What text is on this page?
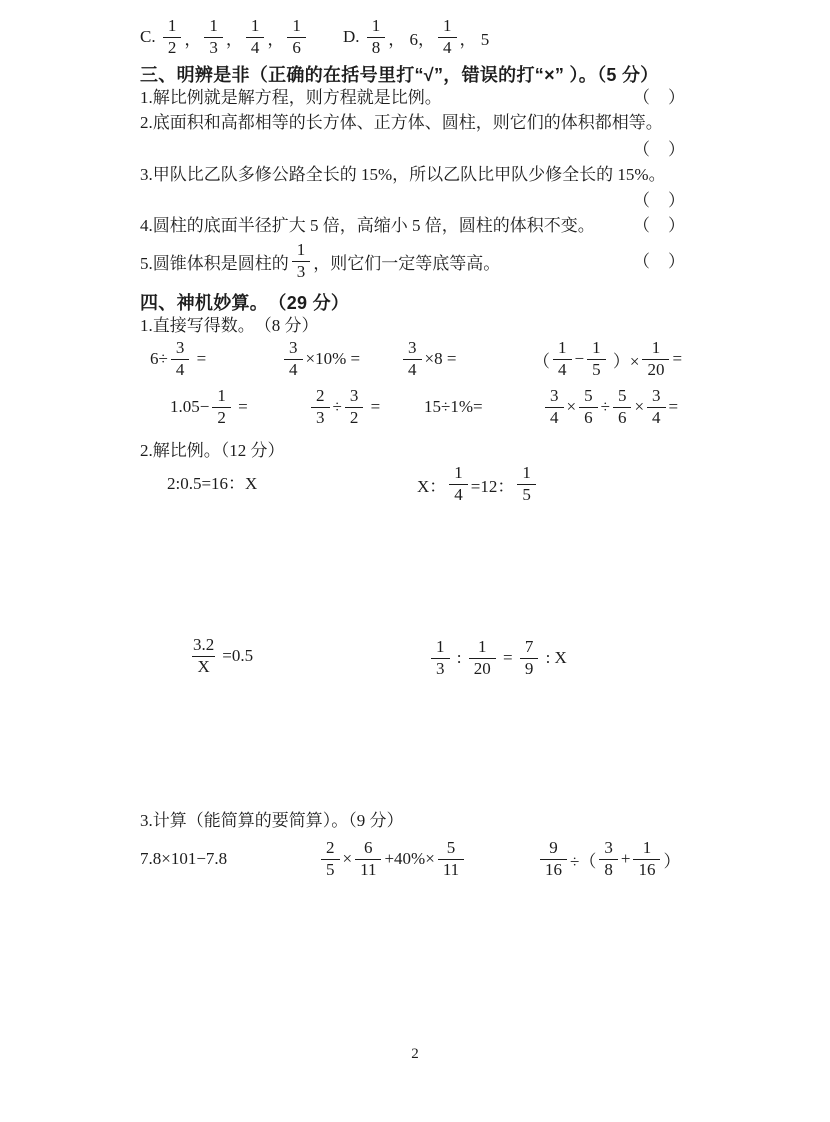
C. $\frac{1}{2}$ ， $\frac{1}{3}$ ， $\frac{1}{4}$ ， $\frac{1}{6} D$. $\frac{1}{8}$ ， 6， $\frac{1}{4}$ ， 5
三、明辨是非（正确的在括号里打“√”，错误的打“×” ）。（5 分）
1.解比例就是解方程，则方程就是比例。	（ ）
2.底面积和高都相等的长方体、正方体、圆柱，则它们的体积都相等。
（ ）
3.甲队比乙队多修公路全长的 15%，所以乙队比甲队少修全长的 15%。
（ ）
4.圆柱的底面半径扩大 5 倍，高缩小 5 倍，圆柱的体积不变。 （ ）
5.圆锥体积是圆柱的 $\frac{1}{3}$ ，则它们一定等底等高。	（ ）
四、神机妙算。　（29 分）
1.直接写得数。　（8 分）
$6\div \frac{3}{4}$ =	$\frac{3}{4} \times 10\%$ =	$\frac{3}{4} \times 8$ =	（ $\frac{1}{4} - \frac{1}{5}$ ）× $\frac{1}{20}$ =
$1.05- \frac{1}{2}$ =	$\frac{2}{3} \div \frac{3}{2}$ =	15÷1%=	$\frac{3}{4} \times \frac{5}{6} \div \frac{5}{6} \times \frac{3}{4}$ =
2.解比例。（12 分）
2:0.5=16：X	X： $\frac{1}{4} =12$： $\frac{1}{5}$
$\frac{3.2}{X} =0.5$	$\frac{1}{3}$ : $\frac{1}{20} = \frac{7}{9}$ : X
3.计算（能简算的要简算）。（9 分）
7.8×101−7.8	$\frac{2}{5} \times \frac{6}{11} +40\%\times \frac{5}{11}$	$\frac{9}{16}$ ÷（ $\frac{3}{8} + \frac{1}{16}$ ）
2
